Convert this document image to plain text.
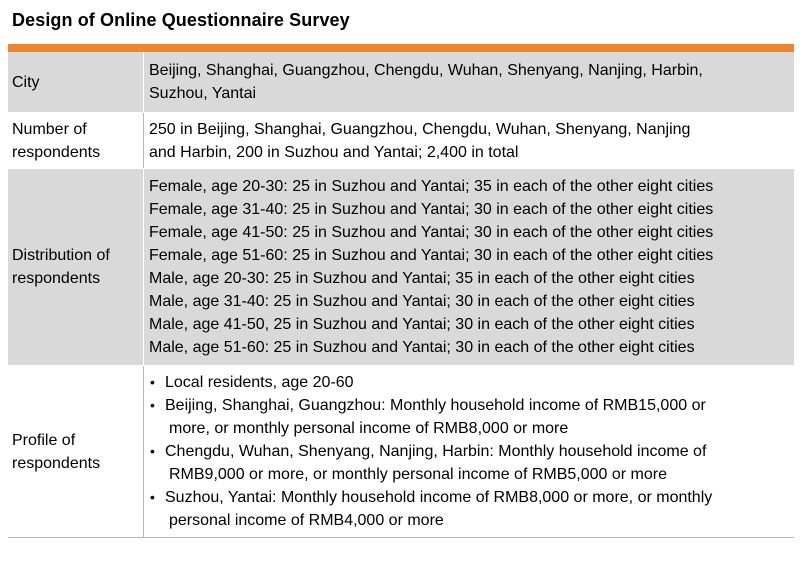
Design of Online Questionnaire Survey
City
Beijing, Shanghai, Guangzhou, Chengdu, Wuhan, Shenyang, Nanjing, Harbin,
Suzhou, Yantai
Number of
respondents
250 in Beijing, Shanghai, Guangzhou, Chengdu, Wuhan, Shenyang, Nanjing
and Harbin, 200 in Suzhou and Yantai; 2,400 in total
Distribution of
respondents
Female, age 20-30: 25 in Suzhou and Yantai; 35 in each of the other eight cities
Female, age 31-40: 25 in Suzhou and Yantai; 30 in each of the other eight cities
Female, age 41-50: 25 in Suzhou and Yantai; 30 in each of the other eight cities
Female, age 51-60: 25 in Suzhou and Yantai; 30 in each of the other eight cities
Male, age 20-30: 25 in Suzhou and Yantai; 35 in each of the other eight cities
Male, age 31-40: 25 in Suzhou and Yantai; 30 in each of the other eight cities
Male, age 41-50, 25 in Suzhou and Yantai; 30 in each of the other eight cities
Male, age 51-60: 25 in Suzhou and Yantai; 30 in each of the other eight cities
Profile of
respondents
• Local residents, age 20-60
• Beijing, Shanghai, Guangzhou: Monthly household income of RMB15,000 or
more, or monthly personal income of RMB8,000 or more
• Chengdu, Wuhan, Shenyang, Nanjing, Harbin: Monthly household income of
RMB9,000 or more, or monthly personal income of RMB5,000 or more
• Suzhou, Yantai: Monthly household income of RMB8,000 or more, or monthly
personal income of RMB4,000 or more
